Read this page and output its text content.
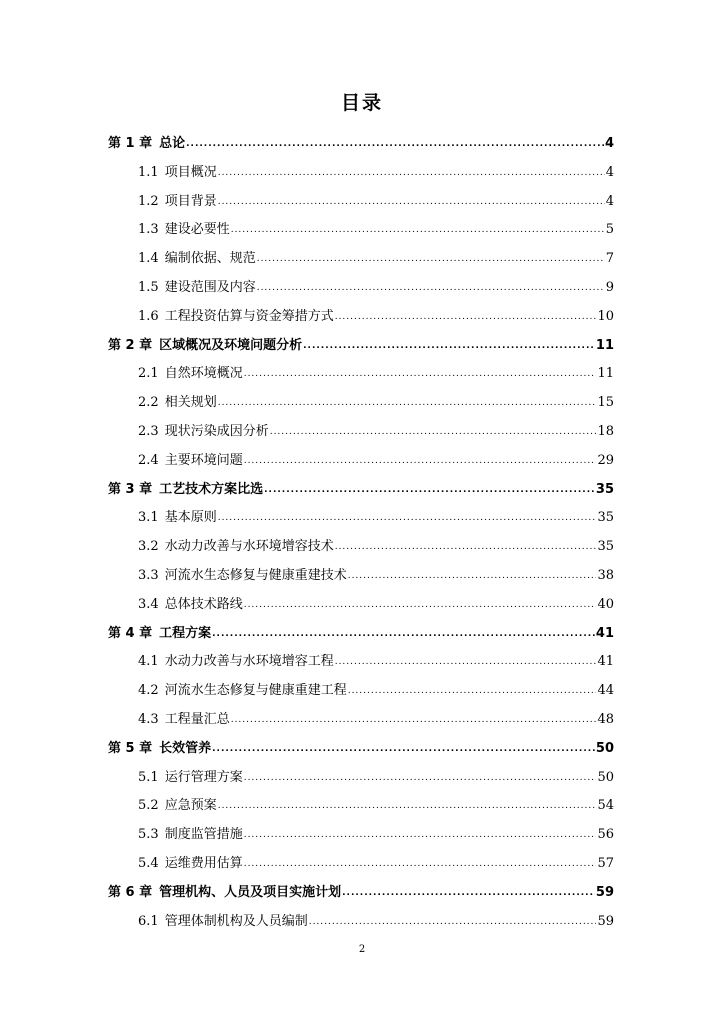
目录
第 1 章 总论 .....	4
1.1 项目概况 .....	4
1.2 项目背景 .....	4
1.3 建设必要性 .....	5
1.4 编制依据、规范 .....	7
1.5 建设范围及内容 .....	9
1.6 工程投资估算与资金筹措方式 .....	10
第 2 章 区域概况及环境问题分析 .....	11
2.1 自然环境概况 .....	11
2.2 相关规划 .....	15
2.3 现状污染成因分析 .....	18
2.4 主要环境问题 .....	29
第 3 章 工艺技术方案比选 .....	35
3.1 基本原则 .....	35
3.2 水动力改善与水环境增容技术 .....	35
3.3 河流水生态修复与健康重建技术 .....	38
3.4 总体技术路线 .....	40
第 4 章 工程方案 .....	41
4.1 水动力改善与水环境增容工程 .....	41
4.2 河流水生态修复与健康重建工程 .....	44
4.3 工程量汇总 .....	48
第 5 章 长效管养 .....	50
5.1 运行管理方案 .....	50
5.2 应急预案 .....	54
5.3 制度监管措施 .....	56
5.4 运维费用估算 .....	57
第 6 章 管理机构、人员及项目实施计划 .....	59
6.1 管理体制机构及人员编制 .....	59
2
